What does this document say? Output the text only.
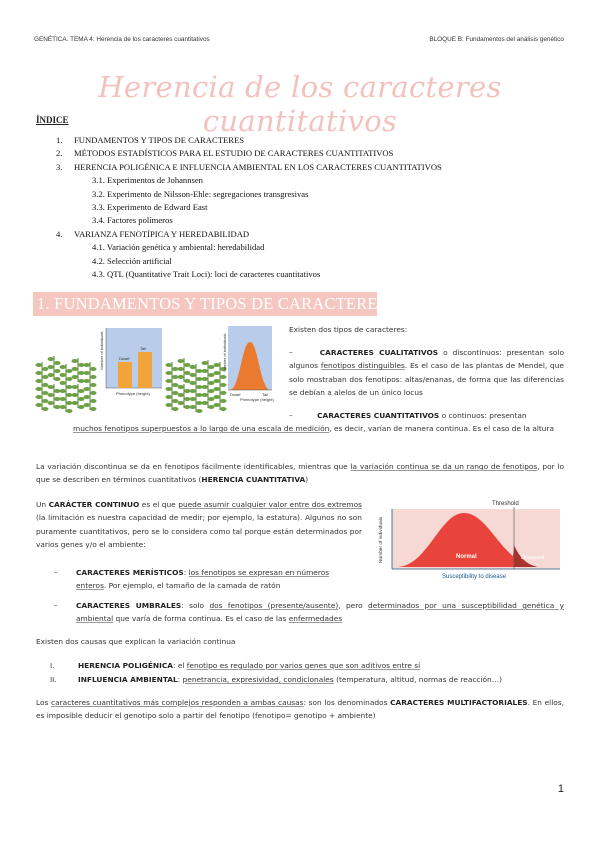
GENÉTICA. TEMA 4: Herencia de los caracteres cuantitativos	BLOQUE B: Fundamentos del análisis genético
Herencia de los caracteres cuantitativos
ÍNDICE
1. FUNDAMENTOS Y TIPOS DE CARACTERES
2. MÉTODOS ESTADÍSTICOS PARA EL ESTUDIO DE CARACTERES CUANTITATIVOS
3. HERENCIA POLIGÉNICA E INFLUENCIA AMBIENTAL EN LOS CARACTERES CUANTITATIVOS
3.1. Experimentos de Johannsen
3.2. Experimento de Nilsson-Ehle: segregaciones transgresivas
3.3. Experimento de Edward East
3.4. Factores polímeros
4. VARIANZA FENOTÍPICA Y HEREDABILIDAD
4.1. Variación genética y ambiental: heredabilidad
4.2. Selección artificial
4.3. QTL (Quantitative Trait Loci): loci de caracteres cuantitativos
1. FUNDAMENTOS Y TIPOS DE CARACTERES
Dwarf
Tall
Number of individuals
Phenotype (height)
Number of individuals
Dwarf	Tall
Phenotype (height)
Existen dos tipos de caracteres:
–	CARACTERES CUALITATIVOS o discontinuos: presentan solo algunos fenotipos distinguibles. Es el caso de las plantas de Mendel, que solo mostraban dos fenotipos: altas/enanas, de forma que las diferencias se debían a alelos de un único locus
–	CARACTERES CUANTITATIVOS o continuos: presentan
muchos fenotipos superpuestos a lo largo de una escala de medición, es decir, varían de manera continua. Es el caso de la altura
La variación discontinua se da en fenotipos fácilmente identificables, mientras que la variación continua se da un rango de fenotipos, por lo que se describen en términos cuantitativos (HERENCIA CUANTITATIVA)
Un CARÁCTER CONTINUO es el que puede asumir cualquier valor entre dos extremos (la limitación es nuestra capacidad de medir; por ejemplo, la estatura). Algunos no son puramente cuantitativos, pero se lo considera como tal porque están determinados por varios genes y/o el ambiente:
Threshold
Number of individuals	Normal	Diseased
Susceptibility to disease
–	CARACTERES MERÍSTICOS: los fenotipos se expresan en números enteros. Por ejemplo, el tamaño de la camada de ratón
–	CARACTERES UMBRALES: solo dos fenotipos (presente/ausente), pero determinados por una susceptibilidad genética y ambiental que varía de forma continua. Es el caso de las enfermedades
Existen dos causas que explican la variación continua
I.	HERENCIA POLIGÉNICA: el fenotipo es regulado por varios genes que son aditivos entre sí
II.	INFLUENCIA AMBIENTAL: penetrancia, expresividad, condicionales (temperatura, altitud, normas de reacción…)
Los caracteres cuantitativos más complejos responden a ambas causas: son los denominados CARACTERES MULTIFACTORIALES. En ellos, es imposible deducir el genotipo solo a partir del fenotipo (fenotipo= genotipo + ambiente)
1
